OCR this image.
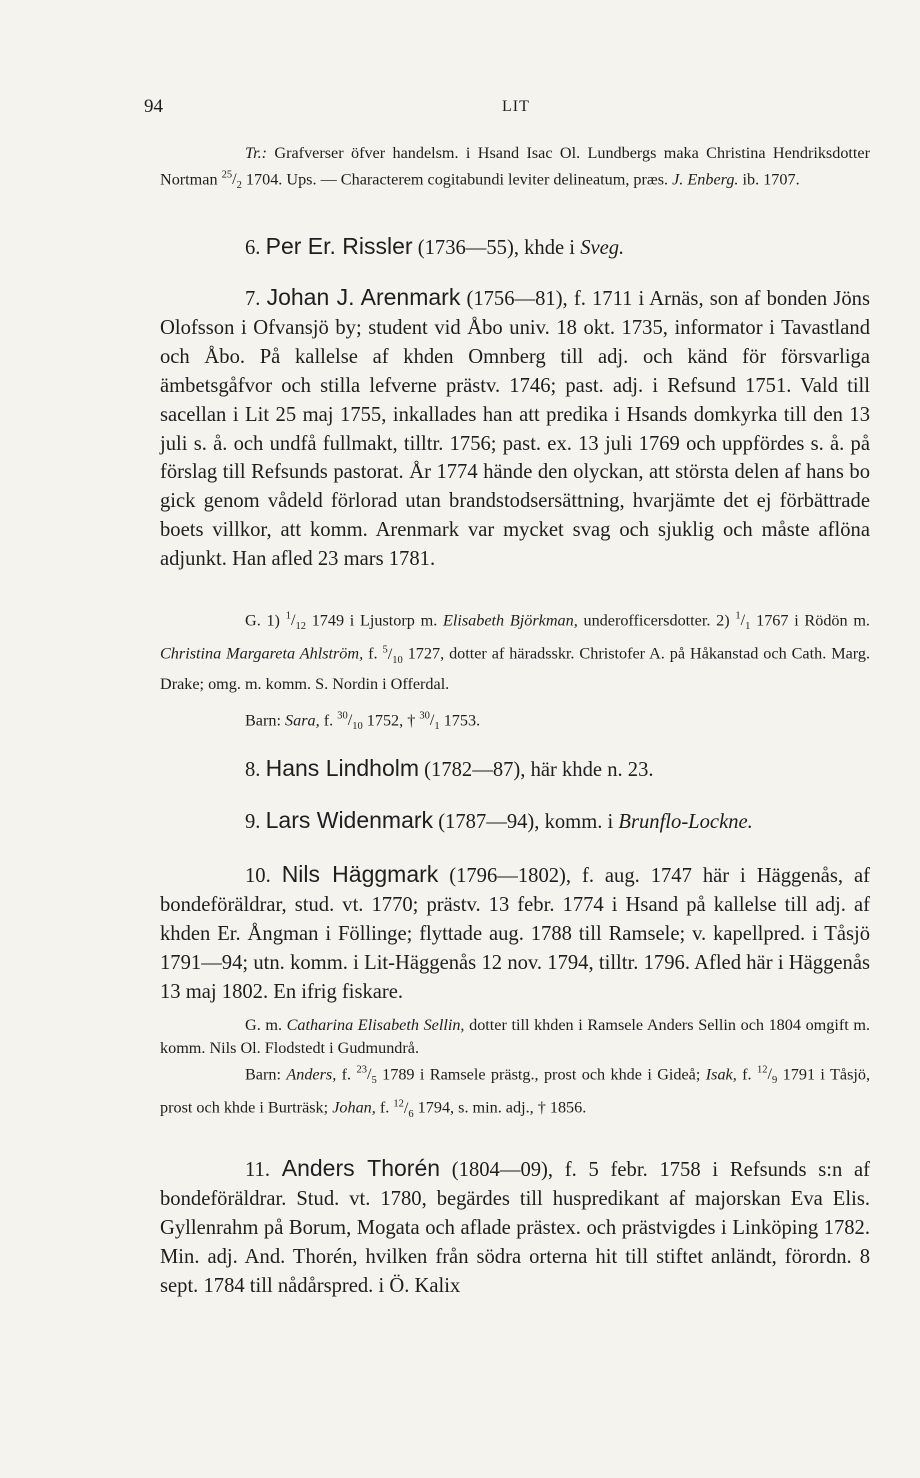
94	LIT
Tr.: Grafverser öfver handelsm. i Hsand Isac Ol. Lundbergs maka Christina Hendriksdotter Nortman $^{25}/_2$ 1704. Ups. — Characterem cogitabundi leviter delineatum, præs. J. Enberg. ib. 1707.
6. Per Er. Rissler (1736—55), khde i Sveg.
7. Johan J. Arenmark (1756—81), f. 1711 i Arnäs, son af bonden Jöns Olofsson i Ofvansjö by; student vid Åbo univ. 18 okt. 1735, informator i Tavastland och Åbo. På kallelse af khden Omnberg till adj. och känd för försvarliga ämbetsgåfvor och stilla lefverne prästv. 1746; past. adj. i Refsund 1751. Vald till sacellan i Lit 25 maj 1755, inkallades han att predika i Hsands domkyrka till den 13 juli s. å. och undfå fullmakt, tilltr. 1756; past. ex. 13 juli 1769 och uppfördes s. å. på förslag till Refsunds pastorat. År 1774 hände den olyckan, att största delen af hans bo gick genom vådeld förlorad utan brandstodsersättning, hvarjämte det ej förbättrade boets villkor, att komm. Arenmark var mycket svag och sjuklig och måste aflöna adjunkt. Han afled 23 mars 1781.
G. 1) $^1/_{12}$ 1749 i Ljustorp m. Elisabeth Björkman, underofficersdotter. 2) $^1/_1$ 1767 i Rödön m. Christina Margareta Ahlström, f. $^5/_{10}$ 1727, dotter af häradsskr. Christofer A. på Håkanstad och Cath. Marg. Drake; omg. m. komm. S. Nordin i Offerdal.
Barn: Sara, f. $^{30}/_{10}$ 1752, † $^{30}/_1$ 1753.
8. Hans Lindholm (1782—87), här khde n. 23.
9. Lars Widenmark (1787—94), komm. i Brunflo-Lockne.
10. Nils Häggmark (1796—1802), f. aug. 1747 här i Häggenås, af bondeföräldrar, stud. vt. 1770; prästv. 13 febr. 1774 i Hsand på kallelse till adj. af khden Er. Ångman i Föllinge; flyttade aug. 1788 till Ramsele; v. kapellpred. i Tåsjö 1791—94; utn. komm. i Lit-Häggenås 12 nov. 1794, tilltr. 1796. Afled här i Häggenås 13 maj 1802. En ifrig fiskare.
G. m. Catharina Elisabeth Sellin, dotter till khden i Ramsele Anders Sellin och 1804 omgift m. komm. Nils Ol. Flodstedt i Gudmundrå.
Barn: Anders, f. $^{23}/_5$ 1789 i Ramsele prästg., prost och khde i Gideå; Isak, f. $^{12}/_9$ 1791 i Tåsjö, prost och khde i Burträsk; Johan, f. $^{12}/_6$ 1794, s. min. adj., † 1856.
11. Anders Thorén (1804—09), f. 5 febr. 1758 i Refsunds s:n af bondeföräldrar. Stud. vt. 1780, begärdes till huspredikant af majorskan Eva Elis. Gyllenrahm på Borum, Mogata och aflade prästex. och prästvigdes i Linköping 1782. Min. adj. And. Thorén, hvilken från södra orterna hit till stiftet anländt, förordn. 8 sept. 1784 till nådårspred. i Ö. Kalix
